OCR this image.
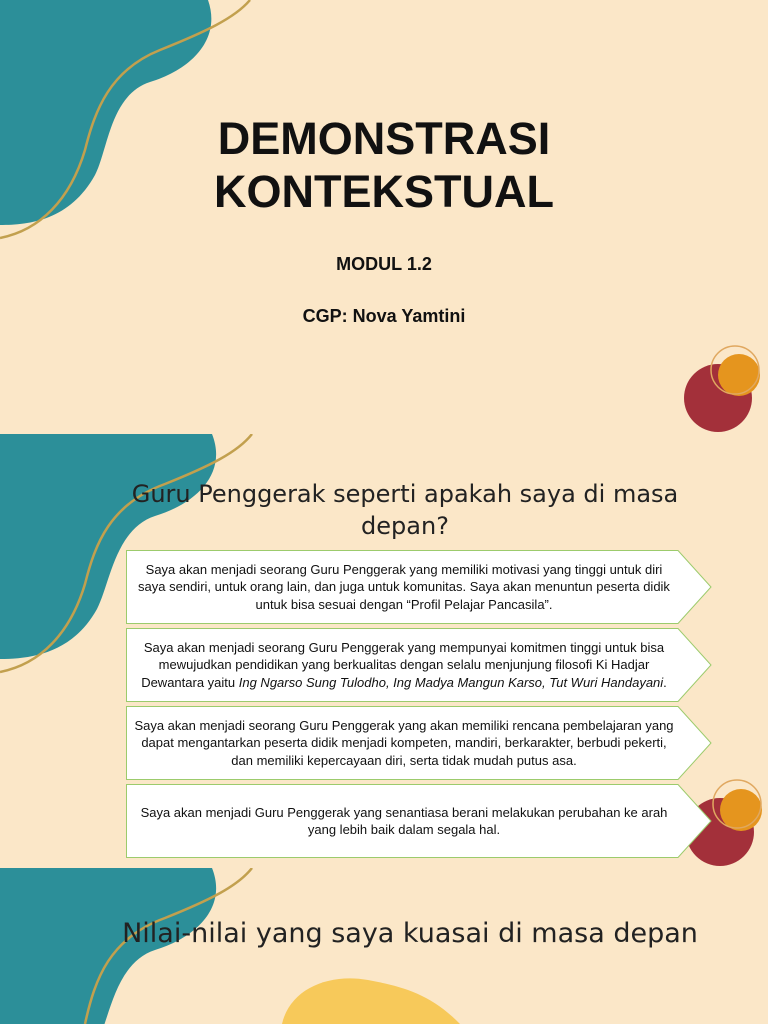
DEMONSTRASI
KONTEKSTUAL
MODUL 1.2
CGP: Nova Yamtini
Guru Penggerak seperti apakah saya di masa depan?

Saya akan menjadi seorang Guru Penggerak yang memiliki motivasi yang tinggi untuk diri saya sendiri, untuk orang lain, dan juga untuk komunitas. Saya akan menuntun peserta didik untuk bisa sesuai dengan “Profil Pelajar Pancasila”.

Saya akan menjadi seorang Guru Penggerak yang mempunyai komitmen tinggi untuk bisa mewujudkan pendidikan yang berkualitas dengan selalu menjunjung filosofi Ki Hadjar Dewantara yaitu Ing Ngarso Sung Tulodho, Ing Madya Mangun Karso, Tut Wuri Handayani.

Saya akan menjadi seorang Guru Penggerak yang akan memiliki rencana pembelajaran yang dapat mengantarkan peserta didik menjadi kompeten, mandiri, berkarakter, berbudi pekerti, dan memiliki kepercayaan diri, serta tidak mudah putus asa.

Saya akan menjadi Guru Penggerak yang senantiasa berani melakukan perubahan ke arah yang lebih baik dalam segala hal.

Nilai-nilai yang saya kuasai di masa depan
